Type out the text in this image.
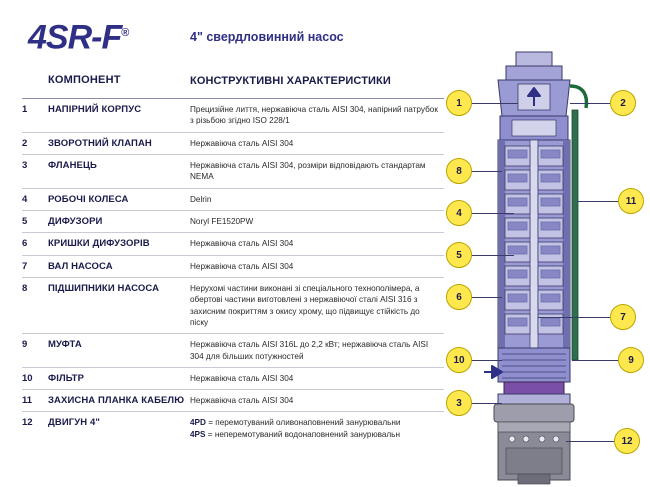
4SR-F®	4" свердловинний насос
	КОМПОНЕНТ	КОНСТРУКТИВНІ ХАРАКТЕРИСТИКИ
1	НАПІРНИЙ КОРПУС	Прецизійне лиття, нержавіюча сталь AISI 304, напірний патрубок з різьбою згідно ISO 228/1
2	ЗВОРОТНИЙ КЛАПАН	Нержавіюча сталь AISI 304
3	ФЛАНЕЦЬ	Нержавіюча сталь AISI 304, розміри відповідають стандартам NEMA
4	РОБОЧІ КОЛЕСА	Delrin
5	ДИФУЗОРИ	Noryl FE1520PW
6	КРИШКИ ДИФУЗОРІВ	Нержавіюча сталь AISI 304
7	ВАЛ НАСОСА	Нержавіюча сталь AISI 304
8	ПІДШИПНИКИ НАСОСА	Нерухомі частини виконані зі спеціального технополімера, а обертові частини виготовлені з нержавіючої сталі AISI 316 з захисним покриттям з окису хрому, що підвищує стійкість до піску
9	МУФТА	Нержавіюча сталь AISI 316L до 2,2 кВт; нержавіюча сталь AISI 304 для більших потужностей
10	ФІЛЬТР	Нержавіюча сталь AISI 304
11	ЗАХИСНА ПЛАНКА КАБЕЛЮ	Нержавіюча сталь AISI 304
12	ДВИГУН 4"	4PD = перемотуваний оливонаповнений занурювальни
4PS = неперемотуваний водонаповнений занурювальн
1	2
8
11
4
5
6
7
10	9
3
12
